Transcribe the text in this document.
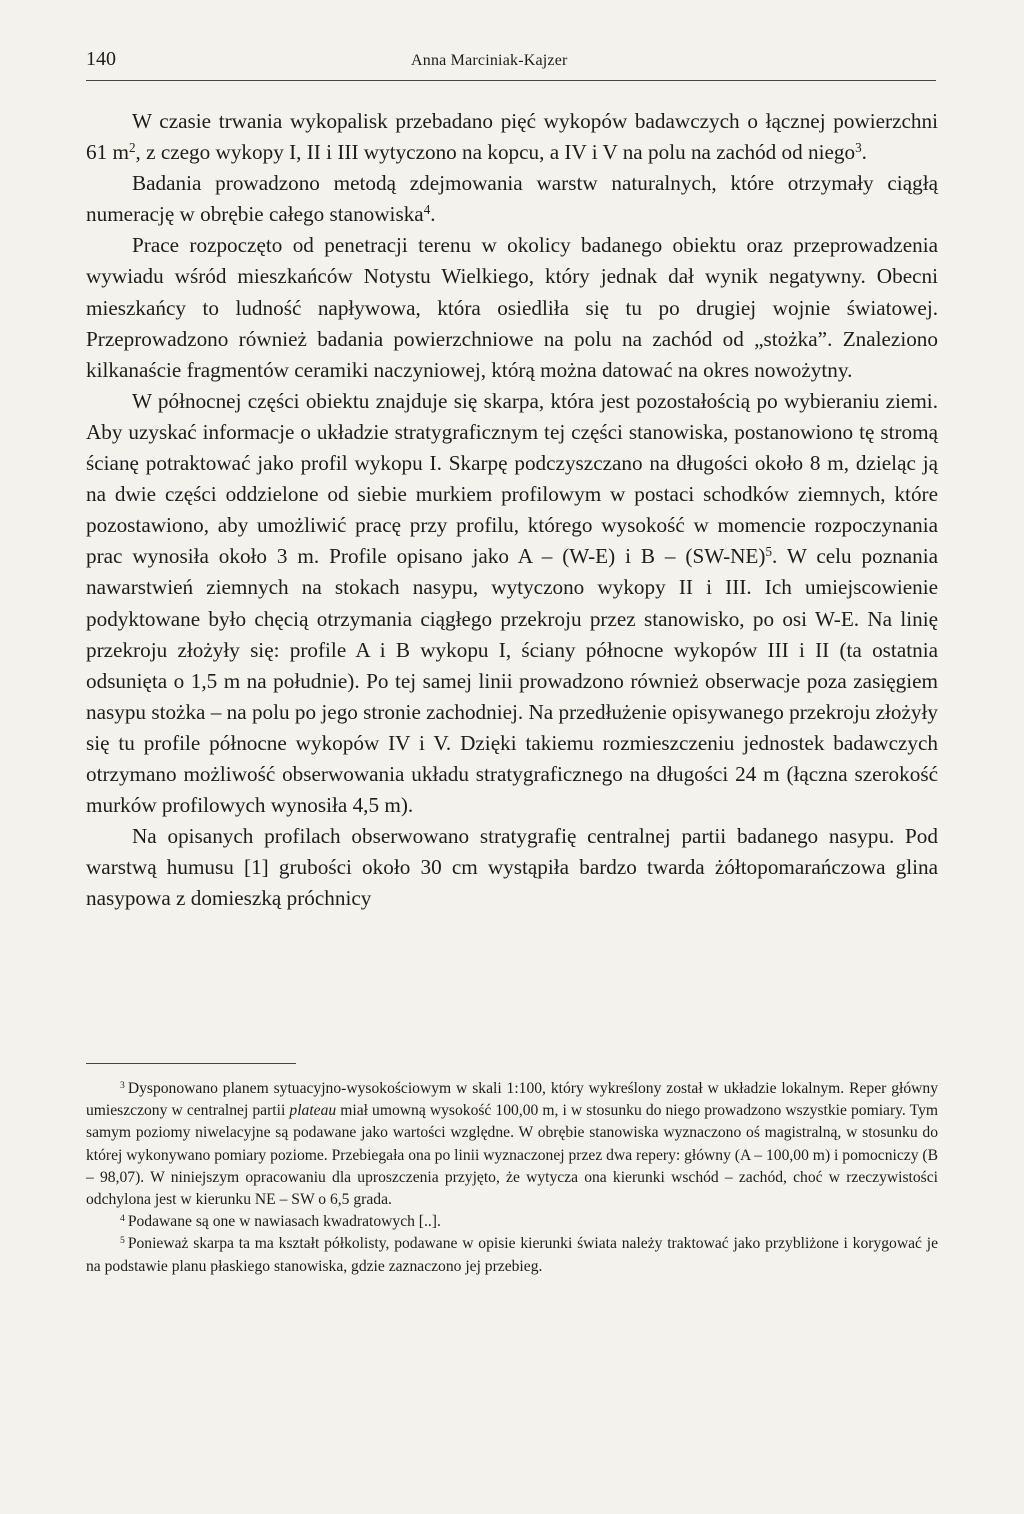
140	Anna Marciniak-Kajzer

W czasie trwania wykopalisk przebadano pięć wykopów badawczych o łącznej powierzchni 61 $m^2$, z czego wykopy I, II i III wytyczono na kopcu, a IV i V na polu na zachód od niego$^3$.

Badania prowadzono metodą zdejmowania warstw naturalnych, które otrzymały ciągłą numerację w obrębie całego stanowiska$^4$.

Prace rozpoczęto od penetracji terenu w okolicy badanego obiektu oraz przeprowadzenia wywiadu wśród mieszkańców Notystu Wielkiego, który jednak dał wynik negatywny. Obecni mieszkańcy to ludność napływowa, która osiedliła się tu po drugiej wojnie światowej. Przeprowadzono również badania powierzchniowe na polu na zachód od „stożka”. Znaleziono kilkanaście fragmentów ceramiki naczyniowej, którą można datować na okres nowożytny.

W północnej części obiektu znajduje się skarpa, która jest pozostałością po wybieraniu ziemi. Aby uzyskać informacje o układzie stratygraficznym tej części stanowiska, postanowiono tę stromą ścianę potraktować jako profil wykopu I. Skarpę podczyszczano na długości około 8 m, dzieląc ją na dwie części oddzielone od siebie murkiem profilowym w postaci schodków ziemnych, które pozostawiono, aby umożliwić pracę przy profilu, którego wysokość w momencie rozpoczynania prac wynosiła około 3 m. Profile opisano jako A – (W-E) i B – $(SW-NE)^5$. W celu poznania nawarstwień ziemnych na stokach nasypu, wytyczono wykopy II i III. Ich umiejscowienie podyktowane było chęcią otrzymania ciągłego przekroju przez stanowisko, po osi W-E. Na linię przekroju złożyły się: profile A i B wykopu I, ściany północne wykopów III i II (ta ostatnia odsunięta o 1,5 m na południe). Po tej samej linii prowadzono również obserwacje poza zasięgiem nasypu stożka – na polu po jego stronie zachodniej. Na przedłużenie opisywanego przekroju złożyły się tu profile północne wykopów IV i V. Dzięki takiemu rozmieszczeniu jednostek badawczych otrzymano możliwość obserwowania układu stratygraficznego na długości 24 m (łączna szerokość murków profilowych wynosiła 4,5 m).

Na opisanych profilach obserwowano stratygrafię centralnej partii badanego nasypu. Pod warstwą humusu [1] grubości około 30 cm wystąpiła bardzo twarda żółtopomarańczowa glina nasypowa z domieszką próchnicy

$^3$ Dysponowano planem sytuacyjno-wysokościowym w skali 1:100, który wykreślony został w układzie lokalnym. Reper główny umieszczony w centralnej partii plateau miał umowną wysokość 100,00 m, i w stosunku do niego prowadzono wszystkie pomiary. Tym samym poziomy niwelacyjne są podawane jako wartości względne. W obrębie stanowiska wyznaczono oś magistralną, w stosunku do której wykonywano pomiary poziome. Przebiegała ona po linii wyznaczonej przez dwa repery: główny (A – 100,00 m) i pomocniczy (B – 98,07). W niniejszym opracowaniu dla uproszczenia przyjęto, że wytycza ona kierunki wschód – zachód, choć w rzeczywistości odchylona jest w kierunku NE – SW o 6,5 grada.

$^4$ Podawane są one w nawiasach kwadratowych [..].

$^5$ Ponieważ skarpa ta ma kształt półkolisty, podawane w opisie kierunki świata należy traktować jako przybliżone i korygować je na podstawie planu płaskiego stanowiska, gdzie zaznaczono jej przebieg.
